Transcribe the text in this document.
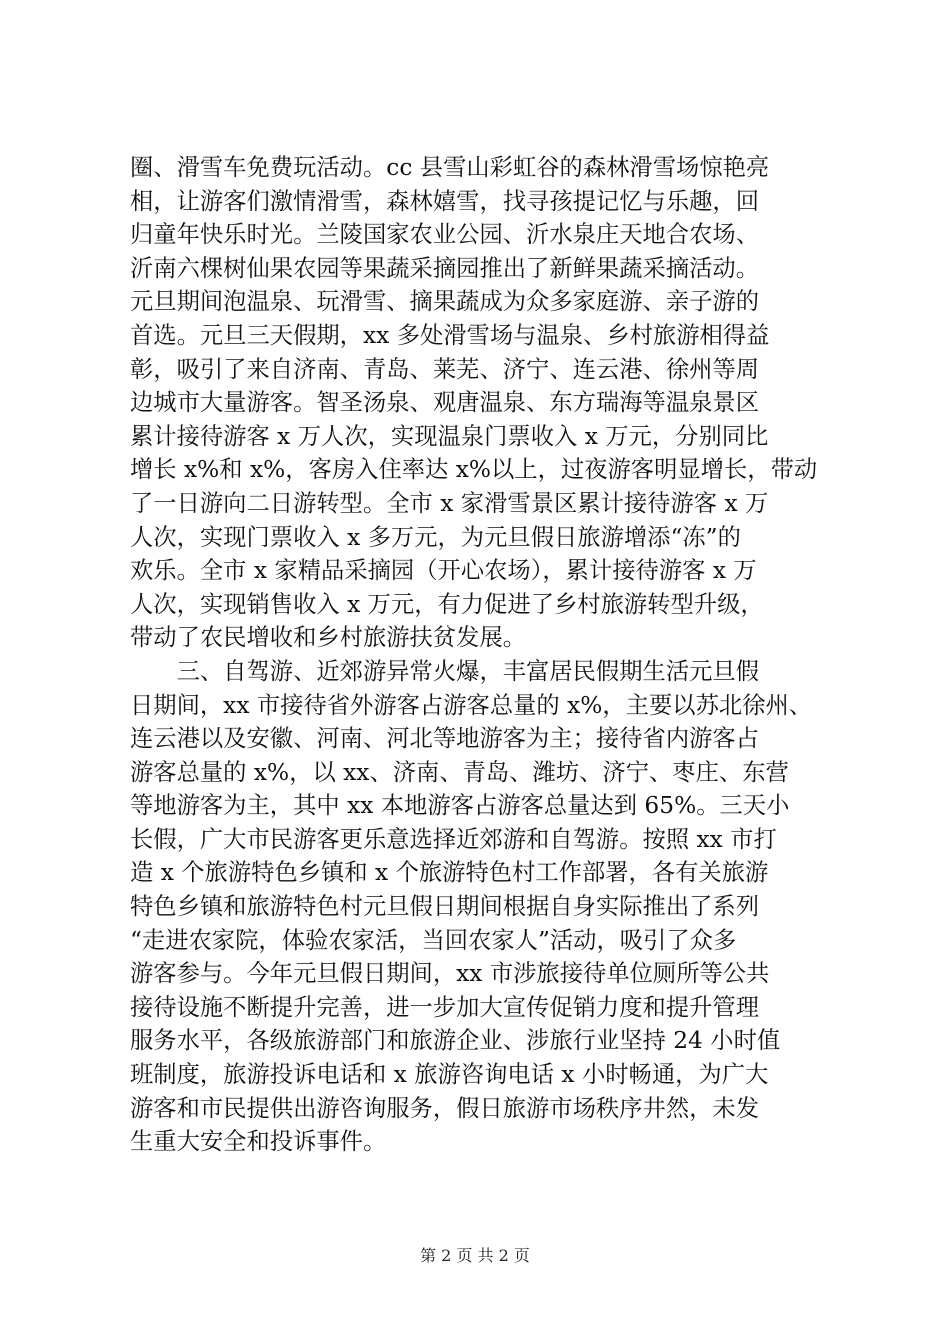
圈、滑雪车免费玩活动。cc 县雪山彩虹谷的森林滑雪场惊艳亮
相，让游客们激情滑雪，森林嬉雪，找寻孩提记忆与乐趣，回
归童年快乐时光。兰陵国家农业公园、沂水泉庄天地合农场、
沂南六棵树仙果农园等果蔬采摘园推出了新鲜果蔬采摘活动。
元旦期间泡温泉、玩滑雪、摘果蔬成为众多家庭游、亲子游的
首选。元旦三天假期，xx 多处滑雪场与温泉、乡村旅游相得益
彰，吸引了来自济南、青岛、莱芜、济宁、连云港、徐州等周
边城市大量游客。智圣汤泉、观唐温泉、东方瑞海等温泉景区
累计接待游客 x 万人次，实现温泉门票收入 x 万元，分别同比
增长 x%和 x%，客房入住率达 x%以上，过夜游客明显增长，带动
了一日游向二日游转型。全市 x 家滑雪景区累计接待游客 x 万
人次，实现门票收入 x 多万元，为元旦假日旅游增添“冻”的
欢乐。全市 x 家精品采摘园（开心农场），累计接待游客 x 万
人次，实现销售收入 x 万元，有力促进了乡村旅游转型升级，
带动了农民增收和乡村旅游扶贫发展。
　　三、自驾游、近郊游异常火爆，丰富居民假期生活元旦假
日期间，xx 市接待省外游客占游客总量的 x%，主要以苏北徐州、
连云港以及安徽、河南、河北等地游客为主；接待省内游客占
游客总量的 x%，以 xx、济南、青岛、潍坊、济宁、枣庄、东营
等地游客为主，其中 xx 本地游客占游客总量达到 65%。三天小
长假，广大市民游客更乐意选择近郊游和自驾游。按照 xx 市打
造 x 个旅游特色乡镇和 x 个旅游特色村工作部署，各有关旅游
特色乡镇和旅游特色村元旦假日期间根据自身实际推出了系列
“走进农家院，体验农家活，当回农家人”活动，吸引了众多
游客参与。今年元旦假日期间，xx 市涉旅接待单位厕所等公共
接待设施不断提升完善，进一步加大宣传促销力度和提升管理
服务水平，各级旅游部门和旅游企业、涉旅行业坚持 24 小时值
班制度，旅游投诉电话和 x 旅游咨询电话 x 小时畅通，为广大
游客和市民提供出游咨询服务，假日旅游市场秩序井然，未发
生重大安全和投诉事件。
第 2 页 共 2 页
